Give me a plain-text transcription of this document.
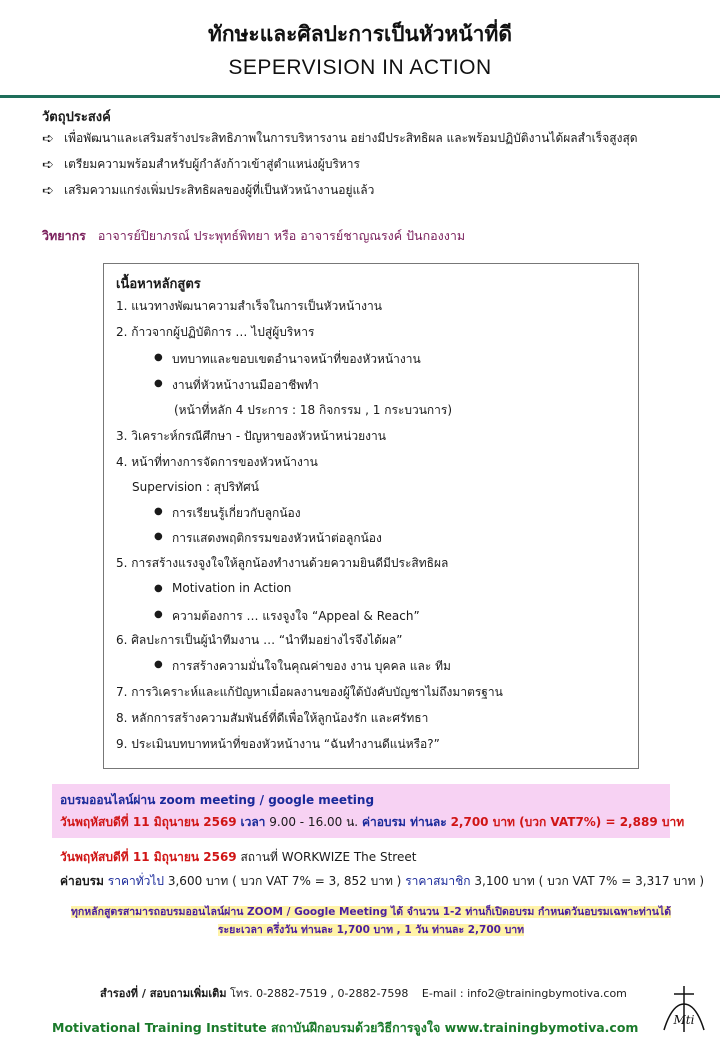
ทักษะและศิลปะการเป็นหัวหน้าที่ดี
SEPERVISION IN ACTION
วัตถุประสงค์
➪ เพื่อพัฒนาและเสริมสร้างประสิทธิภาพในการบริหารงาน อย่างมีประสิทธิผล และพร้อมปฏิบัติงานได้ผลสำเร็จสูงสุด
➪ เตรียมความพร้อมสำหรับผู้กำลังก้าวเข้าสู่ตำแหน่งผู้บริหาร
➪ เสริมความแกร่งเพิ่มประสิทธิผลของผู้ที่เป็นหัวหน้างานอยู่แล้ว
วิทยากร อาจารย์ปิยาภรณ์ ประพุทธ์พิทยา หรือ อาจารย์ชาญณรงค์ ปันกองงาม
เนื้อหาหลักสูตร
1. แนวทางพัฒนาความสำเร็จในการเป็นหัวหน้างาน
2. ก้าวจากผู้ปฏิบัติการ … ไปสู่ผู้บริหาร
● บทบาทและขอบเขตอำนาจหน้าที่ของหัวหน้างาน
● งานที่หัวหน้างานมืออาชีพทำ
(หน้าที่หลัก 4 ประการ : 18 กิจกรรม , 1 กระบวนการ)
3. วิเคราะห์กรณีศึกษา - ปัญหาของหัวหน้าหน่วยงาน
4. หน้าที่ทางการจัดการของหัวหน้างาน
Supervision : สุปริทัศน์
● การเรียนรู้เกี่ยวกับลูกน้อง
● การแสดงพฤติกรรมของหัวหน้าต่อลูกน้อง
5. การสร้างแรงจูงใจให้ลูกน้องทำงานด้วยความยินดีมีประสิทธิผล
● Motivation in Action
● ความต้องการ … แรงจูงใจ “Appeal & Reach”
6. ศิลปะการเป็นผู้นำทีมงาน … “นำทีมอย่างไรจึงได้ผล”
● การสร้างความมั่นใจในคุณค่าของ งาน บุคคล และ ทีม
7. การวิเคราะห์และแก้ปัญหาเมื่อผลงานของผู้ใต้บังคับบัญชาไม่ถึงมาตรฐาน
8. หลักการสร้างความสัมพันธ์ที่ดีเพื่อให้ลูกน้องรัก และศรัทธา
9. ประเมินบทบาทหน้าที่ของหัวหน้างาน “ฉันทำงานดีแน่หรือ?”
อบรมออนไลน์ผ่าน zoom meeting / google meeting
วันพฤหัสบดีที่ 11 มิถุนายน 2569 เวลา 9.00 - 16.00 น. ค่าอบรม ท่านละ 2,700 บาท (บวก VAT7%) = 2,889 บาท
วันพฤหัสบดีที่ 11 มิถุนายน 2569 สถานที่ WORKWIZE The Street
ค่าอบรม ราคาทั่วไป 3,600 บาท ( บวก VAT 7% = 3, 852 บาท ) ราคาสมาชิก 3,100 บาท ( บวก VAT 7% = 3,317 บาท )
ทุกหลักสูตรสามารถอบรมออนไลน์ผ่าน ZOOM / Google Meeting ได้ จำนวน 1-2 ท่านก็เปิดอบรม กำหนดวันอบรมเฉพาะท่านได้
ระยะเวลา ครึ่งวัน ท่านละ 1,700 บาท , 1 วัน ท่านละ 2,700 บาท
สำรองที่ / สอบถามเพิ่มเติม โทร. 0-2882-7519 , 0-2882-7598 E-mail : info2@trainingbymotiva.com
Motivational Training Institute สถาบันฝึกอบรมด้วยวิธีการจูงใจ www.trainingbymotiva.com	Mti
